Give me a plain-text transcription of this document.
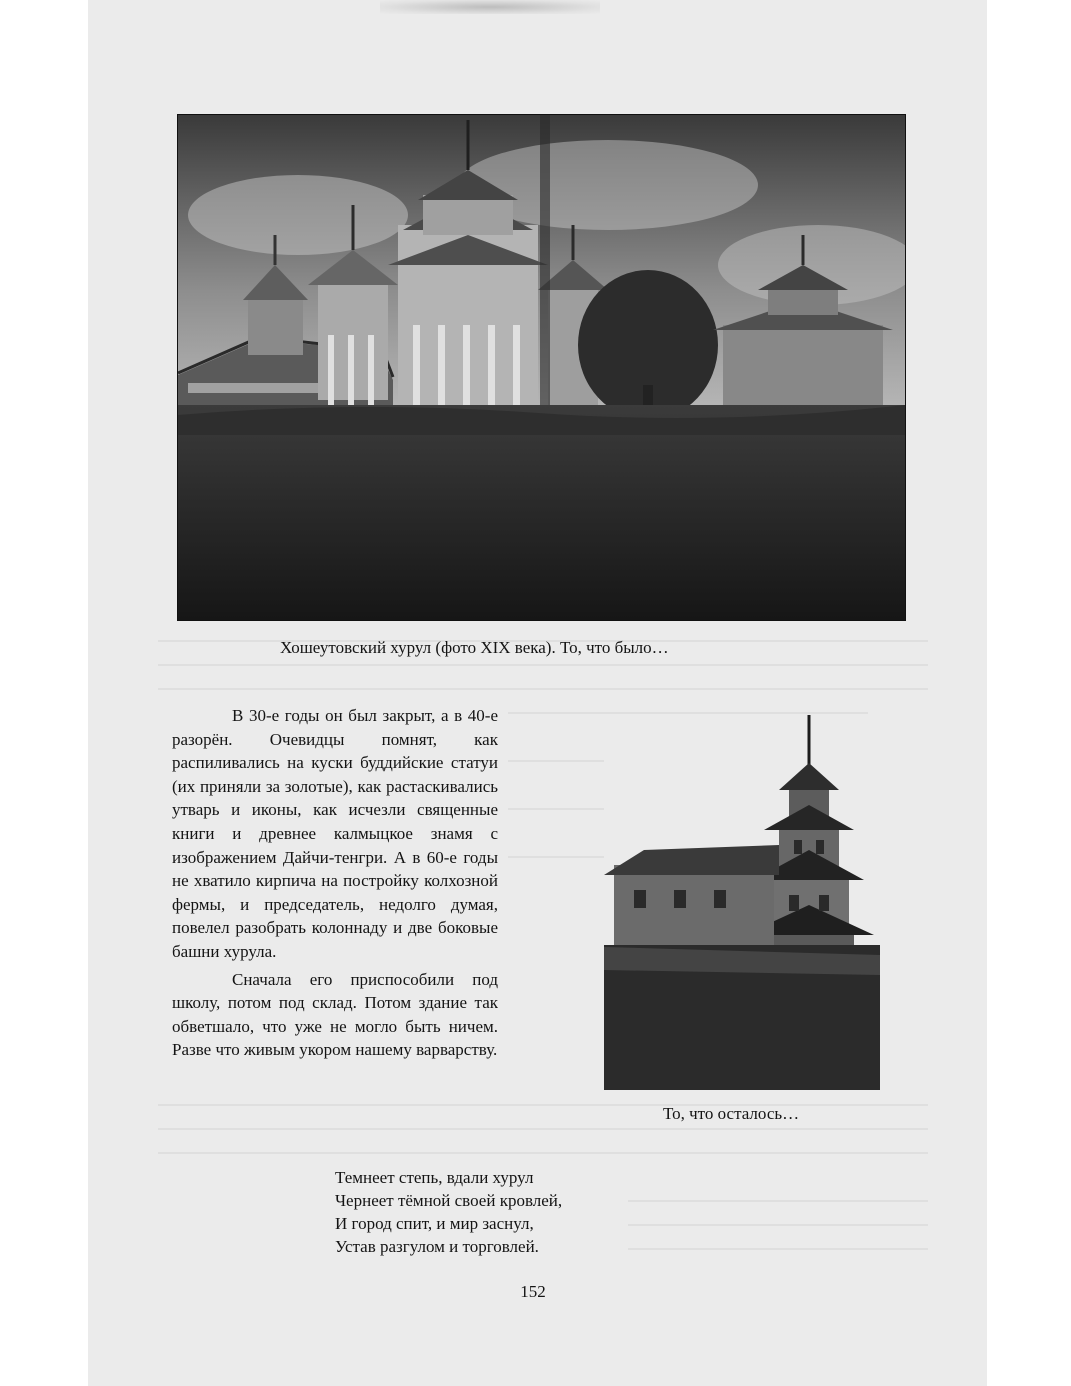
Хошеутовский хурул (фото XIX века). То, что было…

В 30-е годы он был закрыт, а в 40-е разорён. Очевидцы помнят, как распиливались на куски буддийские статуи (их приняли за золотые), как растаскивались утварь и иконы, как исчезли священные книги и древнее калмыцкое знамя с изображением Дайчи-тенгри. А в 60-е годы не хватило кирпича на постройку колхозной фермы, и председатель, недолго думая, повелел разобрать колоннаду и две боковые башни хурула.

Сначала его приспособили под школу, потом под склад. Потом здание так обветшало, что уже не могло быть ничем. Разве что живым укором нашему варварству.

То, что осталось…
Темнеет степь, вдали хурул
Чернеет тёмной своей кровлей,
И город спит, и мир заснул,
Устав разгулом и торговлей.
152
